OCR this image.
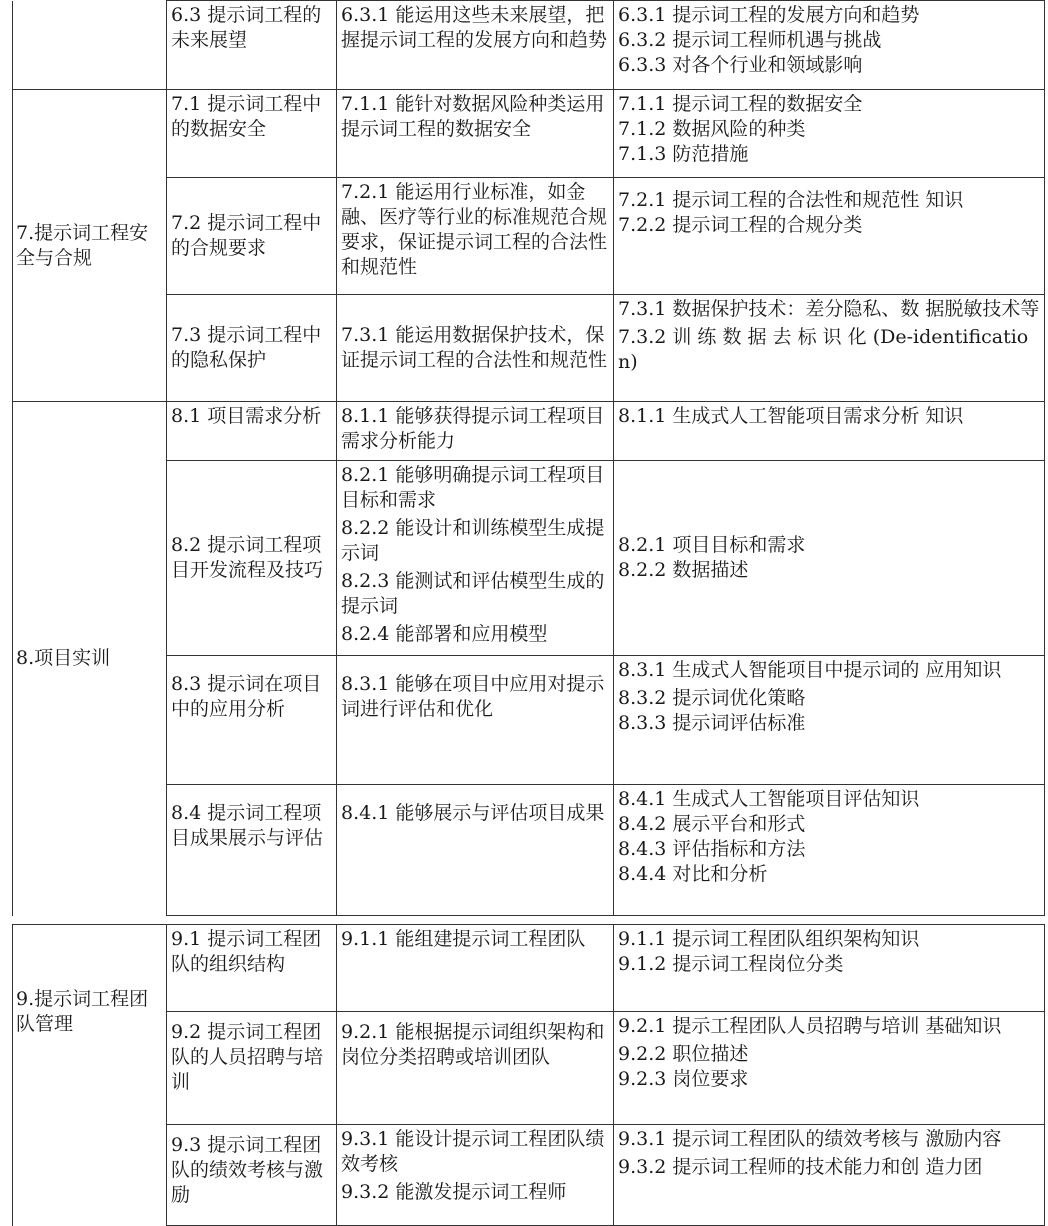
	6.3 提示词工程的未来展望	6.3.1 能运用这些未来展望，把握提示词工程的发展方向和趋势	6.3.1 提示词工程的发展方向和趋势
6.3.2 提示词工程师机遇与挑战
6.3.3 对各个行业和领域影响

7.提示词工程安全与合规	7.1 提示词工程中 的数据安全	7.1.1 能针对数据风险种类运用提示词工程的数据安全	7.1.1 提示词工程的数据安全
7.1.2 数据风险的种类
7.1.3 防范措施

	7.2 提示词工程中 的合规要求	7.2.1 能运用行业标准，如金融、医疗等行业的标准规范合规要求，保证提示词工程的合法性和规范性	7.2.1 提示词工程的合法性和规范性 知识
7.2.2 提示词工程的合规分类

	7.3 提示词工程中 的隐私保护	7.3.1 能运用数据保护技术，保证提示词工程的合法性和规范性	7.3.1 数据保护技术：差分隐私、数 据脱敏技术等
7.3.2 训 练 数 据 去 标 识 化 (De-identification)

8.项目实训	8.1 项目需求分析	8.1.1 能够获得提示词工程项目需求分析能力	8.1.1 生成式人工智能项目需求分析 知识

	8.2 提示词工程项 目开发流程及技巧	8.2.1 能够明确提示词工程项目目标和需求
8.2.2 能设计和训练模型生成提示词
8.2.3 能测试和评估模型生成的提示词
8.2.4 能部署和应用模型	8.2.1 项目目标和需求
8.2.2 数据描述

	8.3 提示词在项目 中的应用分析	8.3.1 能够在项目中应用对提示词进行评估和优化	8.3.1 生成式人智能项目中提示词的 应用知识
8.3.2 提示词优化策略
8.3.3 提示词评估标准

	8.4 提示词工程项 目成果展示与评估	8.4.1 能够展示与评估项目成果	8.4.1 生成式人工智能项目评估知识
8.4.2 展示平台和形式
8.4.3 评估指标和方法
8.4.4 对比和分析
9.提示词工程团队管理	9.1 提示词工程团 队的组织结构	9.1.1 能组建提示词工程团队	9.1.1 提示词工程团队组织架构知识
9.1.2 提示词工程岗位分类

	9.2 提示词工程团 队的人员招聘与培 训	9.2.1 能根据提示词组织架构和岗位分类招聘或培训团队	9.2.1 提示工程团队人员招聘与培训 基础知识
9.2.2 职位描述
9.2.3 岗位要求

	9.3 提示词工程团 队的绩效考核与激 励	9.3.1 能设计提示词工程团队绩效考核
9.3.2 能激发提示词工程师	9.3.1 提示词工程团队的绩效考核与 激励内容
9.3.2 提示词工程师的技术能力和创 造力团
